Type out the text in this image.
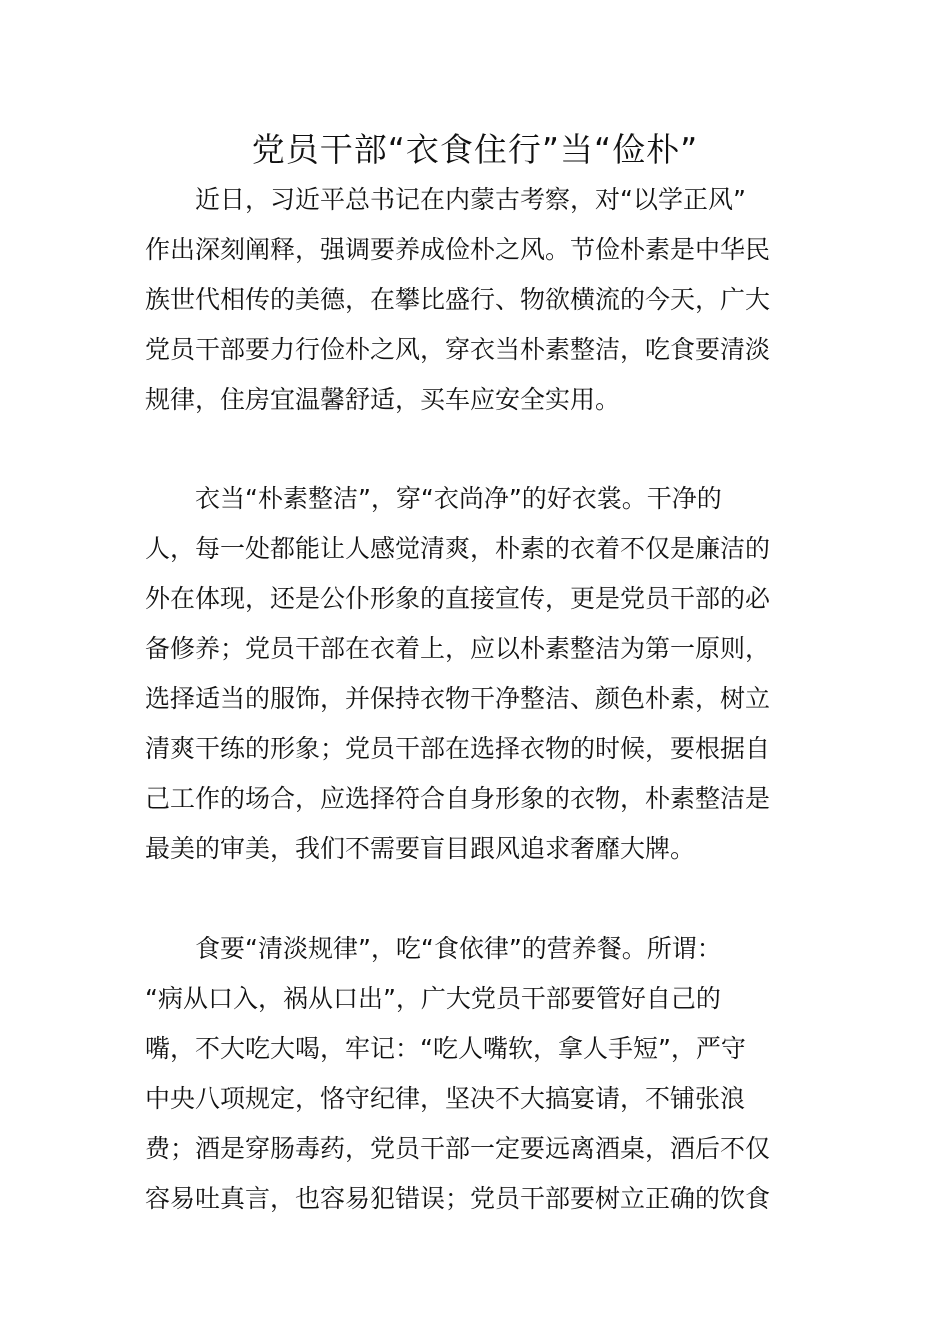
党员干部“衣食住行”当“俭朴”
　　近日，习近平总书记在内蒙古考察，对“以学正风”
作出深刻阐释，强调要养成俭朴之风。节俭朴素是中华民
族世代相传的美德，在攀比盛行、物欲横流的今天，广大
党员干部要力行俭朴之风，穿衣当朴素整洁，吃食要清淡
规律，住房宜温馨舒适，买车应安全实用。
　　衣当“朴素整洁”，穿“衣尚净”的好衣裳。干净的
人，每一处都能让人感觉清爽，朴素的衣着不仅是廉洁的
外在体现，还是公仆形象的直接宣传，更是党员干部的必
备修养；党员干部在衣着上，应以朴素整洁为第一原则，
选择适当的服饰，并保持衣物干净整洁、颜色朴素，树立
清爽干练的形象；党员干部在选择衣物的时候，要根据自
己工作的场合，应选择符合自身形象的衣物，朴素整洁是
最美的审美，我们不需要盲目跟风追求奢靡大牌。
　　食要“清淡规律”，吃“食依律”的营养餐。所谓：
“病从口入，祸从口出”，广大党员干部要管好自己的
嘴，不大吃大喝，牢记：“吃人嘴软，拿人手短”，严守
中央八项规定，恪守纪律，坚决不大搞宴请，不铺张浪
费；酒是穿肠毒药，党员干部一定要远离酒桌，酒后不仅
容易吐真言，也容易犯错误；党员干部要树立正确的饮食
